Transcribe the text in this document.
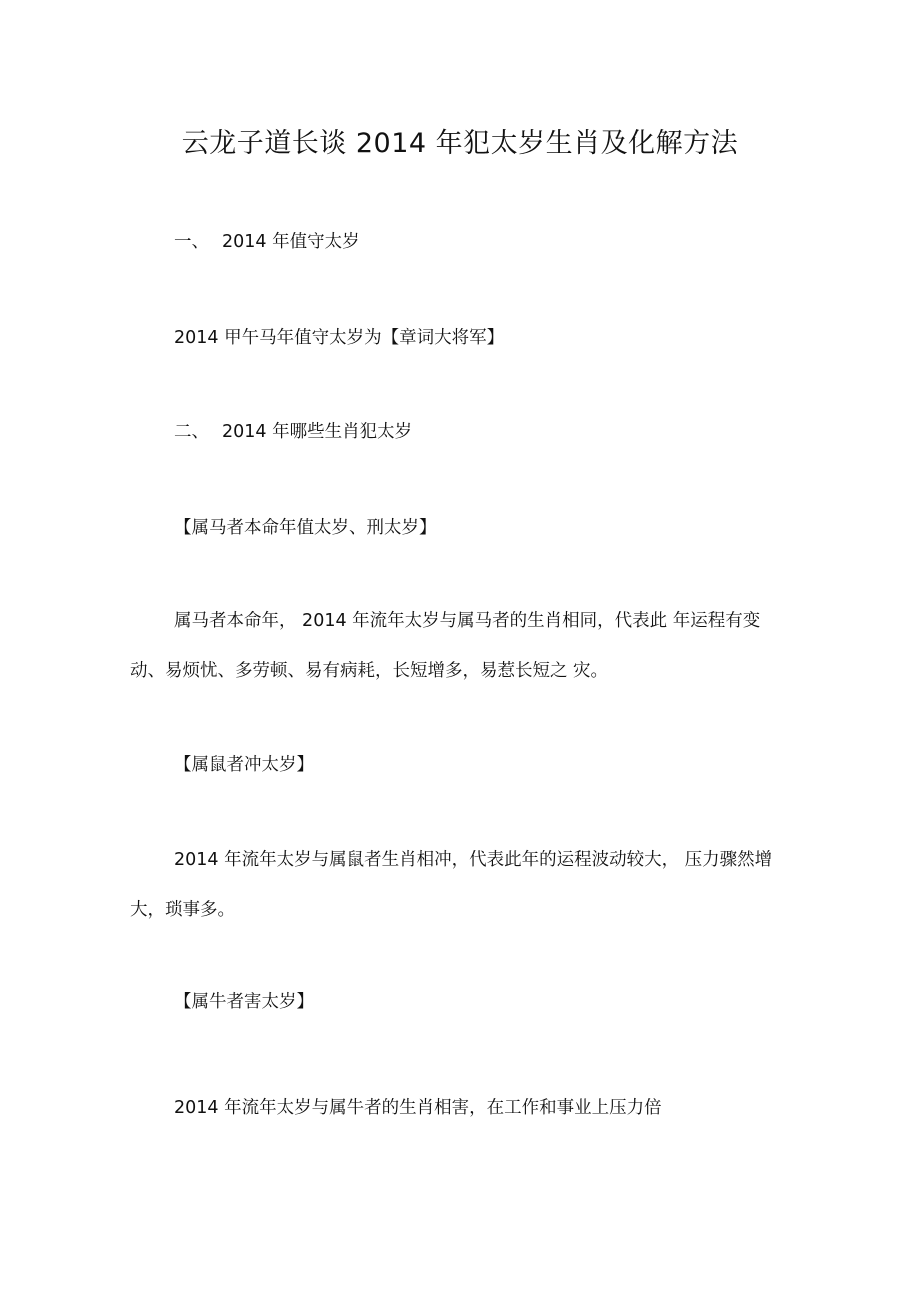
云龙子道长谈 2014 年犯太岁生肖及化解方法
一、 2014 年值守太岁
2014 甲午马年值守太岁为【章词大将军】
二、 2014 年哪些生肖犯太岁
【属马者本命年值太岁、刑太岁】

属马者本命年， 2014 年流年太岁与属马者的生肖相同，代表此 年运程有变动、易烦忧、多劳顿、易有病耗，长短增多，易惹长短之 灾。

【属鼠者冲太岁】

2014 年流年太岁与属鼠者生肖相冲，代表此年的运程波动较大， 压力骤然增大，琐事多。

【属牛者害太岁】
2014 年流年太岁与属牛者的生肖相害，在工作和事业上压力倍
